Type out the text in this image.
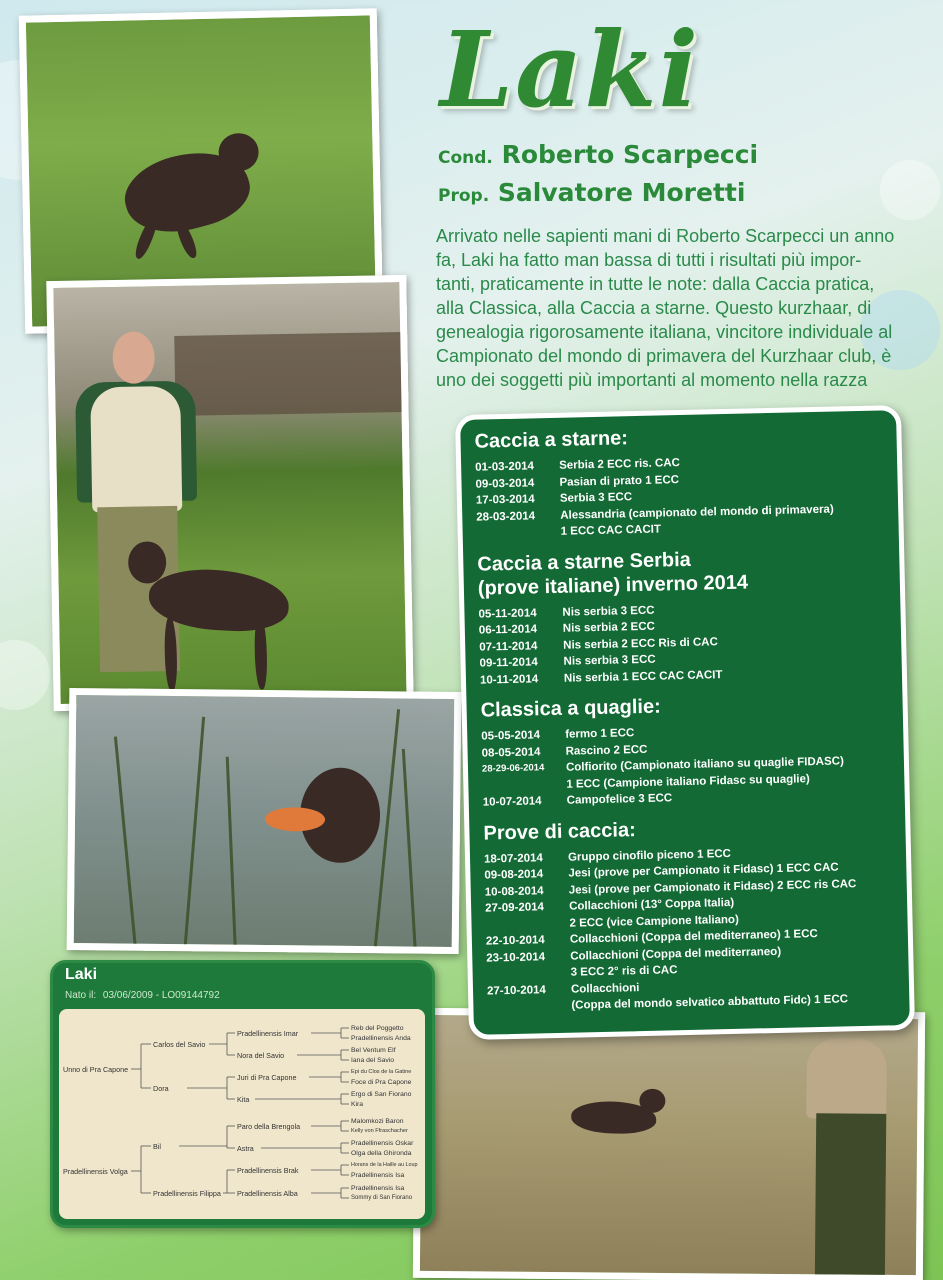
Laki
Cond. Roberto Scarpecci
Prop. Salvatore Moretti
Arrivato nelle sapienti mani di Roberto Scarpecci un anno
fa, Laki ha fatto man bassa di tutti i risultati più impor-
tanti, praticamente in tutte le note: dalla Caccia pratica,
alla Classica, alla Caccia a starne. Questo kurzhaar, di
genealogia rigorosamente italiana, vincitore individuale al
Campionato del mondo di primavera del Kurzhaar club, è
uno dei soggetti più importanti al momento nella razza
Caccia a starne:
01-03-2014	Serbia 2 ECC ris. CAC
09-03-2014	Pasian di prato 1 ECC
17-03-2014	Serbia 3 ECC
28-03-2014	Alessandria (campionato del mondo di primavera)
1 ECC CAC CACIT
Caccia a starne Serbia
(prove italiane) inverno 2014
05-11-2014	Nis serbia 3 ECC
06-11-2014	Nis serbia 2 ECC
07-11-2014	Nis serbia 2 ECC Ris di CAC
09-11-2014	Nis serbia 3 ECC
10-11-2014	Nis serbia 1 ECC CAC CACIT
Classica a quaglie:
05-05-2014	fermo 1 ECC
08-05-2014	Rascino 2 ECC
28-29-06-2014	Colfiorito (Campionato italiano su quaglie FIDASC)
1 ECC (Campione italiano Fidasc su quaglie)
10-07-2014	Campofelice 3 ECC
Prove di caccia:
18-07-2014	Gruppo cinofilo piceno 1 ECC
09-08-2014	Jesi (prove per Campionato it Fidasc) 1 ECC CAC
10-08-2014	Jesi (prove per Campionato it Fidasc) 2 ECC ris CAC
27-09-2014	Collacchioni (13° Coppa Italia)
2 ECC (vice Campione Italiano)
22-10-2014	Collacchioni (Coppa del mediterraneo) 1 ECC
23-10-2014	Collacchioni (Coppa del mediterraneo)
3 ECC 2° ris di CAC
27-10-2014	Collacchioni
(Coppa del mondo selvatico abbattuto Fidc) 1 ECC
Laki
Nato il: 03/06/2009 - LO09144792
Unno di Pra Capone
Pradellinensis Volga
Carlos del Savio
Dora
Bil
Pradellinensis Filippa
Pradellinensis Imar
Nora del Savio
Juri di Pra Capone
Kita
Paro della Brengola
Astra
Pradellinensis Brak
Pradellinensis Alba
Reb del Poggetto
Pradellinensis Anda
Bel Ventum Elf
Iana del Savio
Epi du Clos de la Gatine
Foce di Pra Capone
Ergo di San Fiorano
Kira
Malomkozi Baron
Kelly von Ffraschacher
Pradellinensis Oskar
Olga della Ghironda
Horans de la Haille au Loup
Pradellinensis Isa
Pradellinensis Isa
Sommy di San Fiorano
